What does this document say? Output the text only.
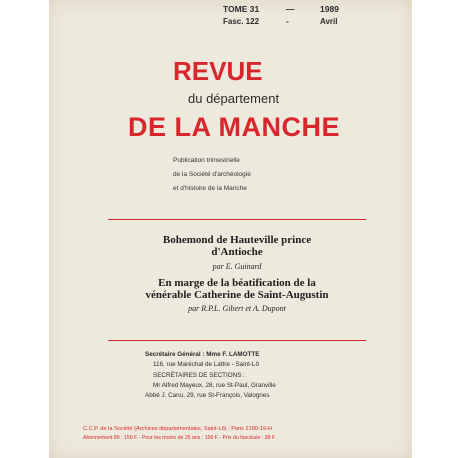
TOME 31	—	1989
Fasc. 122	-	Avril
REVUE
du département
DE LA MANCHE
Publication trimestrielle
de la Société d'archéologie
et d'histoire de la Manche
Bohemond de Hauteville prince
d'Antioche
par E. Guinard
En marge de la béatification de la
vénérable Catherine de Saint-Augustin
par R.P.L. Gibert et A. Dupont
Secrétaire Général : Mme F. LAMOTTE
116, rue Maréchal de Lattre - Saint-Lô
SECRÉTAIRES DE SECTIONS :
Mr Alfred Mayeux, 28, rue St-Paul, Granville
Abbé J. Canu, 29, rue St-François, Valognes
C.C.P. de la Société (Archives départementales, Saint-Lô) : Paris 2180-19-H
Abonnement 89 : 150 F - Pour les moins de 25 ans : 100 F - Prix du fascicule : 38 F
